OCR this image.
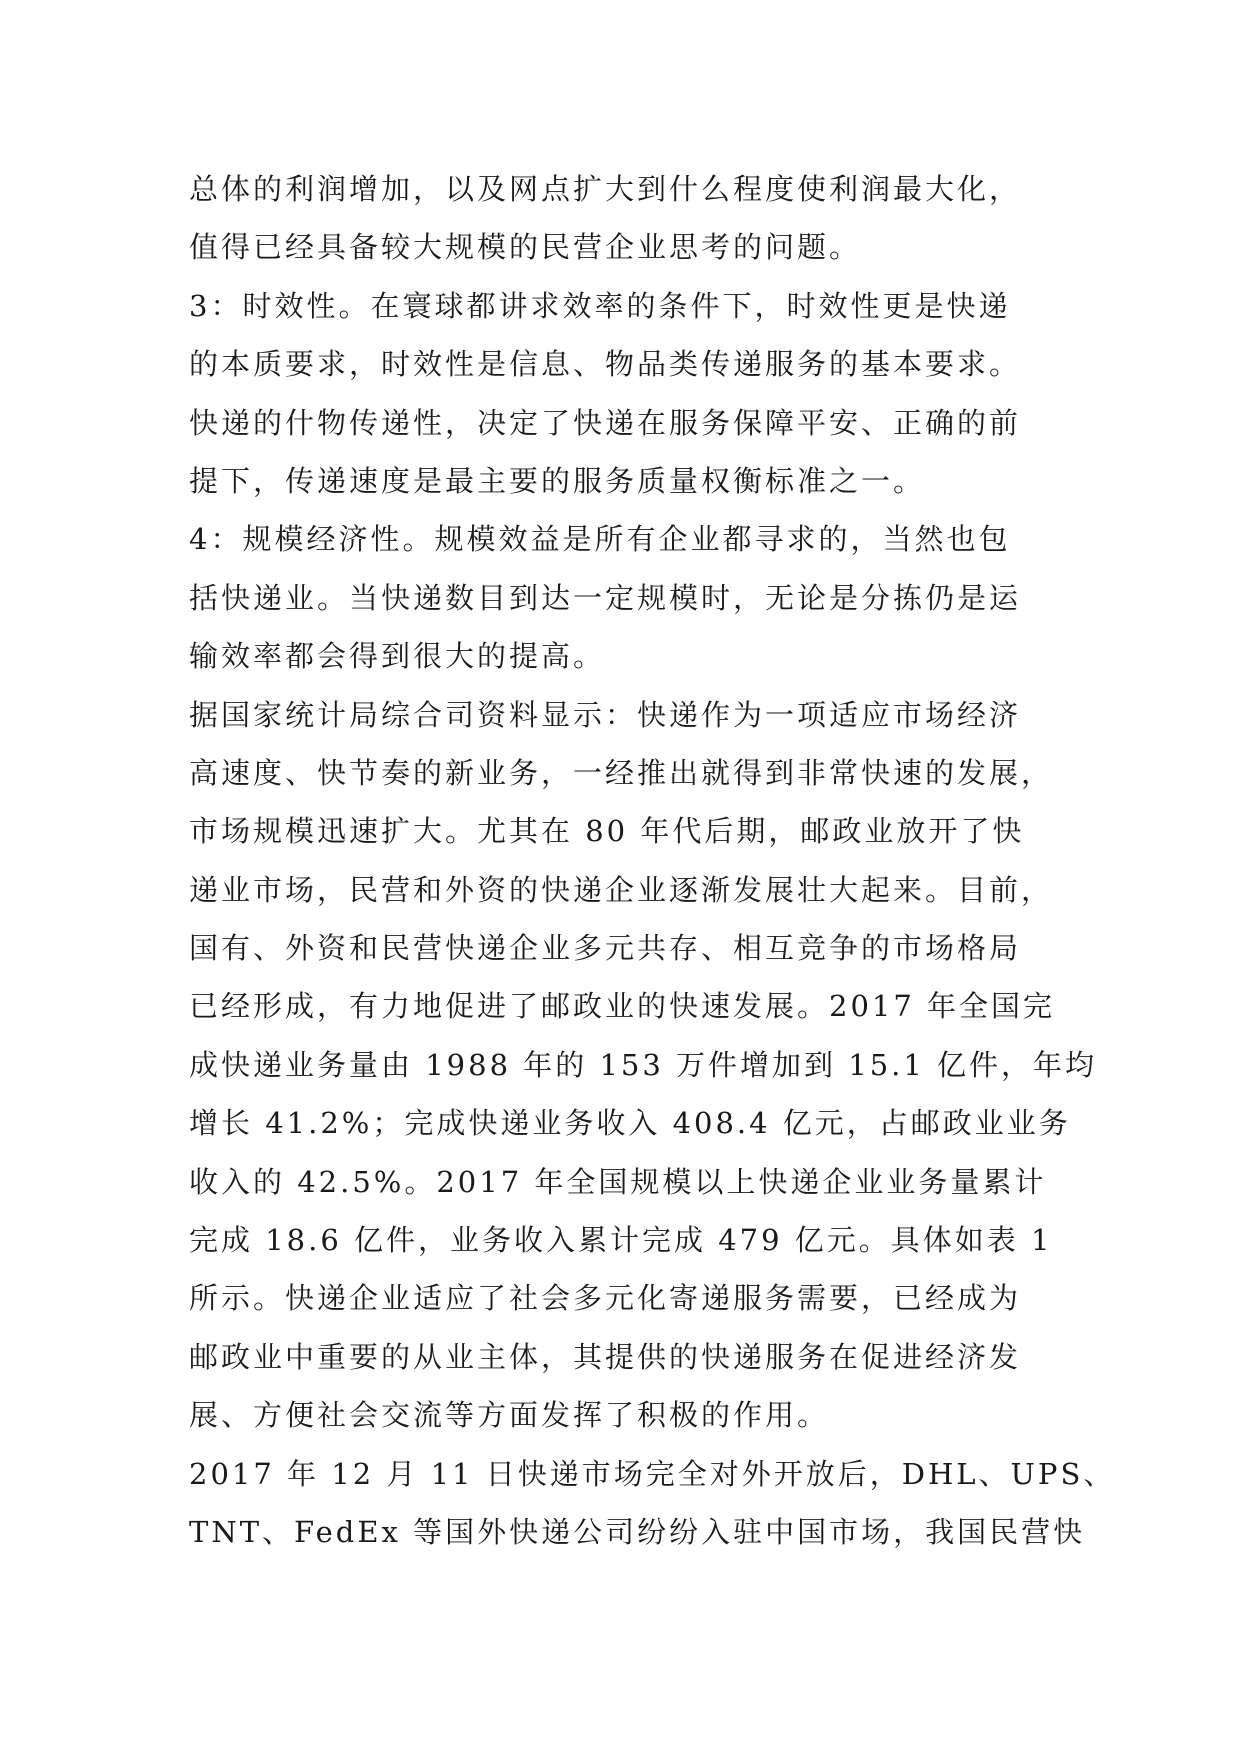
总体的利润增加，以及网点扩大到什么程度使利润最大化，
值得已经具备较大规模的民营企业思考的问题。
3：时效性。在寰球都讲求效率的条件下，时效性更是快递
的本质要求，时效性是信息、物品类传递服务的基本要求。
快递的什物传递性，决定了快递在服务保障平安、正确的前
提下，传递速度是最主要的服务质量权衡标准之一。
4：规模经济性。规模效益是所有企业都寻求的，当然也包
括快递业。当快递数目到达一定规模时，无论是分拣仍是运
输效率都会得到很大的提高。
据国家统计局综合司资料显示：快递作为一项适应市场经济
高速度、快节奏的新业务，一经推出就得到非常快速的发展，
市场规模迅速扩大。尤其在 80 年代后期，邮政业放开了快
递业市场，民营和外资的快递企业逐渐发展壮大起来。目前，
国有、外资和民营快递企业多元共存、相互竞争的市场格局
已经形成，有力地促进了邮政业的快速发展。2017 年全国完
成快递业务量由 1988 年的 153 万件增加到 15.1 亿件，年均
增长 41.2%；完成快递业务收入 408.4 亿元，占邮政业业务
收入的 42.5%。2017 年全国规模以上快递企业业务量累计
完成 18.6 亿件，业务收入累计完成 479 亿元。具体如表 1
所示。快递企业适应了社会多元化寄递服务需要，已经成为
邮政业中重要的从业主体，其提供的快递服务在促进经济发
展、方便社会交流等方面发挥了积极的作用。
2017 年 12 月 11 日快递市场完全对外开放后，DHL、UPS、
TNT、FedEx 等国外快递公司纷纷入驻中国市场，我国民营快
